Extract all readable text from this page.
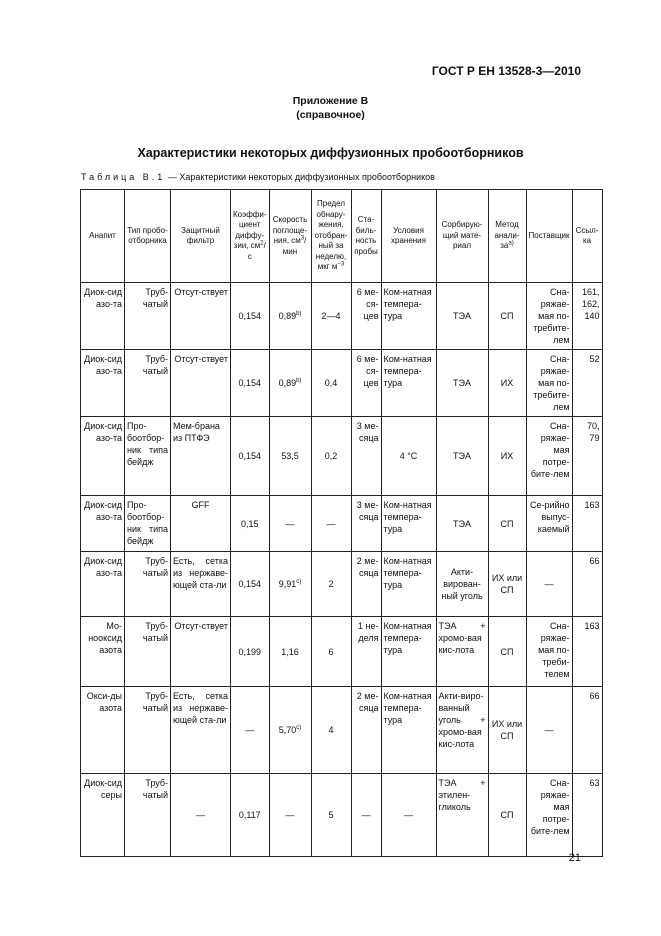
ГОСТ Р ЕН 13528-3—2010
Приложение В
(справочное)
Характеристики некоторых диффузионных пробоотборников
Таблица В.1 — Характеристики некоторых диффузионных пробоотборников
Анапит	Тип пробо-отборника	Защитный фильтр	Коэффи-циент диффу-зии, $см^2/с$	Скорость поглоще-ния, $см^3$/мин	Предел обнару-жения, отобран-ный за неделю, мкг $м^{-3}$	Ста-биль-ность пробы	Условия хранения	Сорбирую-щий мате-риал	Метод анали-$за^{a)}$	Поставщик	Ссыл-ка
Диок-сид азо-та	Труб-чатый	Отсут-ствует	0,154	0,89$^{b)}$	2—4	6 ме-ся-цев	Ком-натная темпера-тура	ТЭА	СП	Сна-ряжае-мая по-требите-лем	161, 162, 140
Диок-сид азо-та	Труб-чатый	Отсут-ствует	0,154	0,89$^{b)}$	0,4	6 ме-ся-цев	Ком-натная темпера-тура	ТЭА	ИХ	Сна-ряжае-мая по-требите-лем	52
Диок-сид азо-та	Про-боотбор-ник типа бейдж	Мем-брана из ПТФЭ	0,154	53,5	0,2	3 ме-сяца	4 °С	ТЭА	ИХ	Сна-ряжае-мая потре-бите-лем	70, 79
Диок-сид азо-та	Про-боотбор-ник типа бейдж	GFF	0,15	—	—	3 ме-сяца	Ком-натная темпера-тура	ТЭА	СП	Се-рийно выпус-каемый	163
Диок-сид азо-та	Труб-чатый	Есть, сетка из нержаве-ющей ста-ли	0,154	9,91$^{c)}$	2	2 ме-сяца	Ком-натная темпера-тура	Акти-вирован-ный уголь	ИХ или СП	—	66
Мо-нооксид азота	Труб-чатый	Отсут-ствует	0,199	1,16	6	1 не-деля	Ком-натная темпера-тура	ТЭА + хромо-вая кис-лота	СП	Сна-ряжае-мая по-треби-телем	163
Окси-ды азота	Труб-чатый	Есть, сетка из нержаве-ющей ста-ли	—	5,70$^{c)}$	4	2 ме-сяца	Ком-натная темпера-тура	Акти-виро-ванный уголь + хромо-вая кис-лота	ИХ или СП	—	66
Диок-сид серы	Труб-чатый	—	0,117	—	5	—	—	ТЭА + этилен-гликоль	СП	Сна-ряжае-мая потре-бите-лем	63
21
